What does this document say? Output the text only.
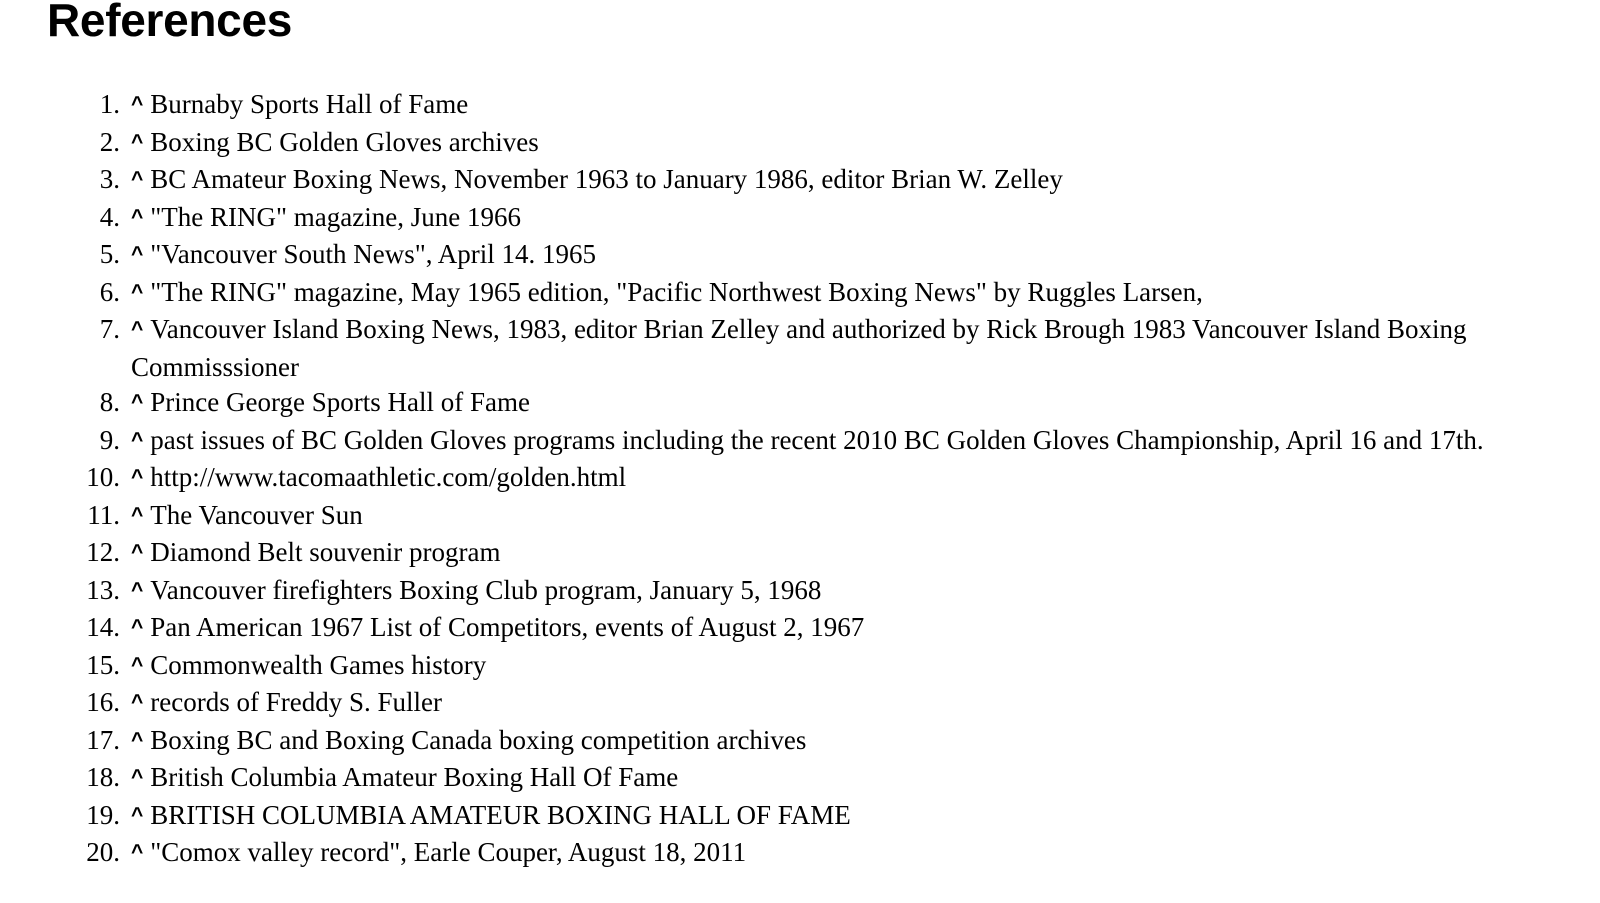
References
1. ^ Burnaby Sports Hall of Fame
2. ^ Boxing BC Golden Gloves archives
3. ^ BC Amateur Boxing News, November 1963 to January 1986, editor Brian W. Zelley
4. ^ "The RING" magazine, June 1966
5. ^ "Vancouver South News", April 14. 1965
6. ^ "The RING" magazine, May 1965 edition, "Pacific Northwest Boxing News" by Ruggles Larsen,
7. ^ Vancouver Island Boxing News, 1983, editor Brian Zelley and authorized by Rick Brough 1983 Vancouver Island Boxing Commisssioner
8. ^ Prince George Sports Hall of Fame
9. ^ past issues of BC Golden Gloves programs including the recent 2010 BC Golden Gloves Championship, April 16 and 17th.
10. ^ http://www.tacomaathletic.com/golden.html
11. ^ The Vancouver Sun
12. ^ Diamond Belt souvenir program
13. ^ Vancouver firefighters Boxing Club program, January 5, 1968
14. ^ Pan American 1967 List of Competitors, events of August 2, 1967
15. ^ Commonwealth Games history
16. ^ records of Freddy S. Fuller
17. ^ Boxing BC and Boxing Canada boxing competition archives
18. ^ British Columbia Amateur Boxing Hall Of Fame
19. ^ BRITISH COLUMBIA AMATEUR BOXING HALL OF FAME
20. ^ "Comox valley record", Earle Couper, August 18, 2011
